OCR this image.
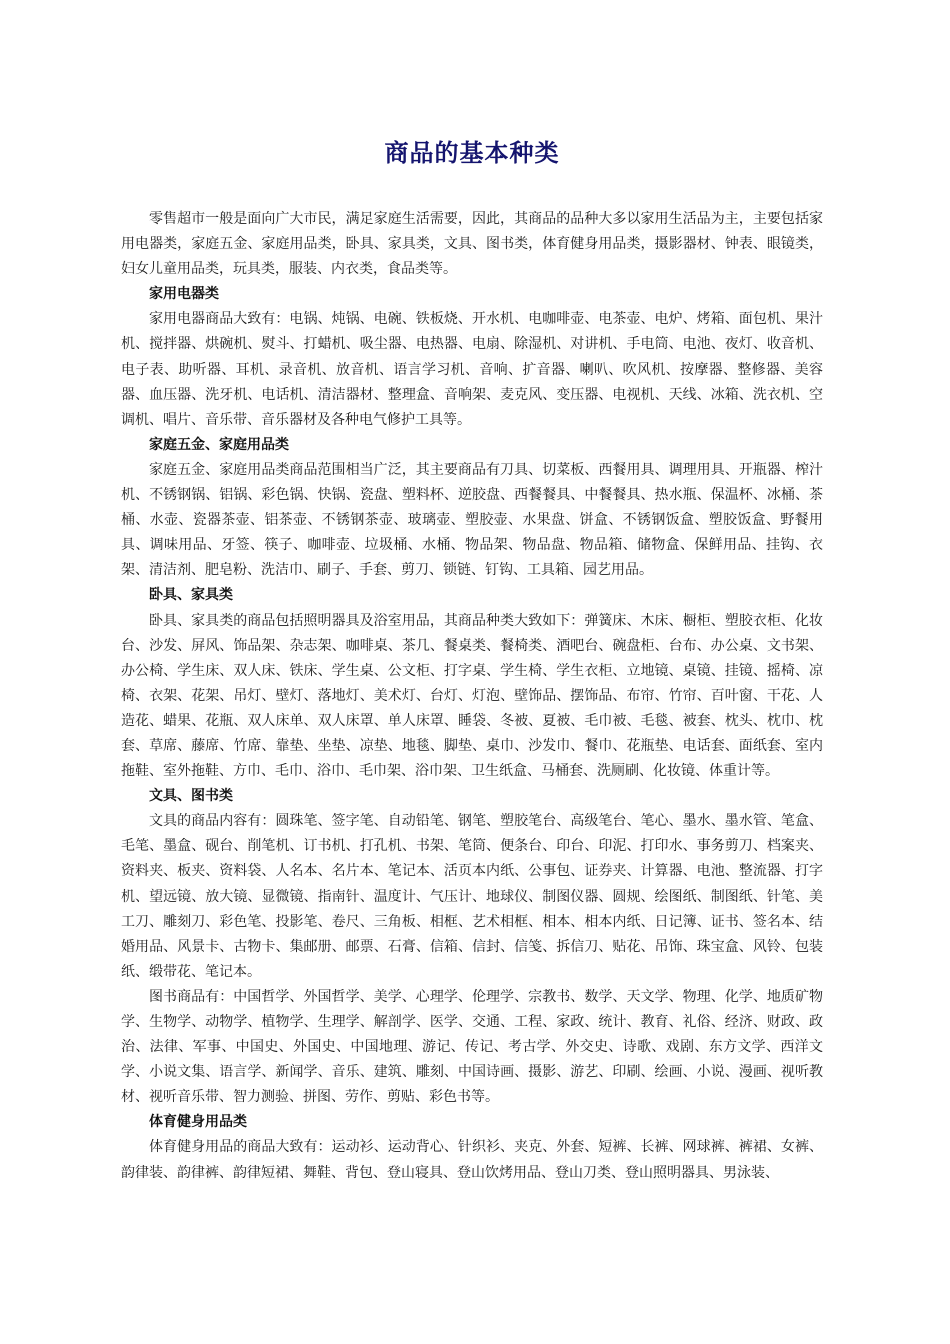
商品的基本种类

零售超市一般是面向广大市民，满足家庭生活需要，因此，其商品的品种大多以家用生活品为主，主要包括家用电器类，家庭五金、家庭用品类，卧具、家具类，文具、图书类，体育健身用品类，摄影器材、钟表、眼镜类，妇女儿童用品类，玩具类，服装、内衣类，食品类等。

家用电器类

家用电器商品大致有：电锅、炖锅、电碗、铁板烧、开水机、电咖啡壶、电茶壶、电炉、烤箱、面包机、果汁机、搅拌器、烘碗机、熨斗、打蜡机、吸尘器、电热器、电扇、除湿机、对讲机、手电筒、电池、夜灯、收音机、电子表、助听器、耳机、录音机、放音机、语言学习机、音响、扩音器、喇叭、吹风机、按摩器、整修器、美容器、血压器、洗牙机、电话机、清洁器材、整理盒、音响架、麦克风、变压器、电视机、天线、冰箱、洗衣机、空调机、唱片、音乐带、音乐器材及各种电气修护工具等。

家庭五金、家庭用品类

家庭五金、家庭用品类商品范围相当广泛，其主要商品有刀具、切菜板、西餐用具、调理用具、开瓶器、榨汁机、不锈钢锅、铝锅、彩色锅、快锅、瓷盘、塑料杯、逆胶盘、西餐餐具、中餐餐具、热水瓶、保温杯、冰桶、茶桶、水壶、瓷器茶壶、铝茶壶、不锈钢茶壶、玻璃壶、塑胶壶、水果盘、饼盒、不锈钢饭盒、塑胶饭盒、野餐用具、调味用品、牙签、筷子、咖啡壶、垃圾桶、水桶、物品架、物品盘、物品箱、储物盒、保鲜用品、挂钩、衣架、清洁剂、肥皂粉、洗洁巾、刷子、手套、剪刀、锁链、钉钩、工具箱、园艺用品。

卧具、家具类

卧具、家具类的商品包括照明器具及浴室用品，其商品种类大致如下：弹簧床、木床、橱柜、塑胶衣柜、化妆台、沙发、屏风、饰品架、杂志架、咖啡桌、茶几、餐桌类、餐椅类、酒吧台、碗盘柜、台布、办公桌、文书架、办公椅、学生床、双人床、铁床、学生桌、公文柜、打字桌、学生椅、学生衣柜、立地镜、桌镜、挂镜、摇椅、凉椅、衣架、花架、吊灯、壁灯、落地灯、美术灯、台灯、灯泡、壁饰品、摆饰品、布帘、竹帘、百叶窗、干花、人造花、蜡果、花瓶、双人床单、双人床罩、单人床罩、睡袋、冬被、夏被、毛巾被、毛毯、被套、枕头、枕巾、枕套、草席、藤席、竹席、靠垫、坐垫、凉垫、地毯、脚垫、桌巾、沙发巾、餐巾、花瓶垫、电话套、面纸套、室内拖鞋、室外拖鞋、方巾、毛巾、浴巾、毛巾架、浴巾架、卫生纸盒、马桶套、洗厕刷、化妆镜、体重计等。

文具、图书类

文具的商品内容有：圆珠笔、签字笔、自动铅笔、钢笔、塑胶笔台、高级笔台、笔心、墨水、墨水管、笔盒、毛笔、墨盒、砚台、削笔机、订书机、打孔机、书架、笔筒、便条台、印台、印泥、打印水、事务剪刀、档案夹、资料夹、板夹、资料袋、人名本、名片本、笔记本、活页本内纸、公事包、证券夹、计算器、电池、整流器、打字机、望远镜、放大镜、显微镜、指南针、温度计、气压计、地球仪、制图仪器、圆规、绘图纸、制图纸、针笔、美工刀、雕刻刀、彩色笔、投影笔、卷尺、三角板、相框、艺术相框、相本、相本内纸、日记簿、证书、签名本、结婚用品、风景卡、古物卡、集邮册、邮票、石膏、信箱、信封、信笺、拆信刀、贴花、吊饰、珠宝盒、风铃、包装纸、缎带花、笔记本。

图书商品有：中国哲学、外国哲学、美学、心理学、伦理学、宗教书、数学、天文学、物理、化学、地质矿物学、生物学、动物学、植物学、生理学、解剖学、医学、交通、工程、家政、统计、教育、礼俗、经济、财政、政治、法律、军事、中国史、外国史、中国地理、游记、传记、考古学、外交史、诗歌、戏剧、东方文学、西洋文学、小说文集、语言学、新闻学、音乐、建筑、雕刻、中国诗画、摄影、游艺、印刷、绘画、小说、漫画、视听教材、视听音乐带、智力测验、拼图、劳作、剪贴、彩色书等。

体育健身用品类

体育健身用品的商品大致有：运动衫、运动背心、针织衫、夹克、外套、短裤、长裤、网球裤、裤裙、女裤、韵律装、韵律裤、韵律短裙、舞鞋、背包、登山寝具、登山饮烤用品、登山刀类、登山照明器具、男泳装、
